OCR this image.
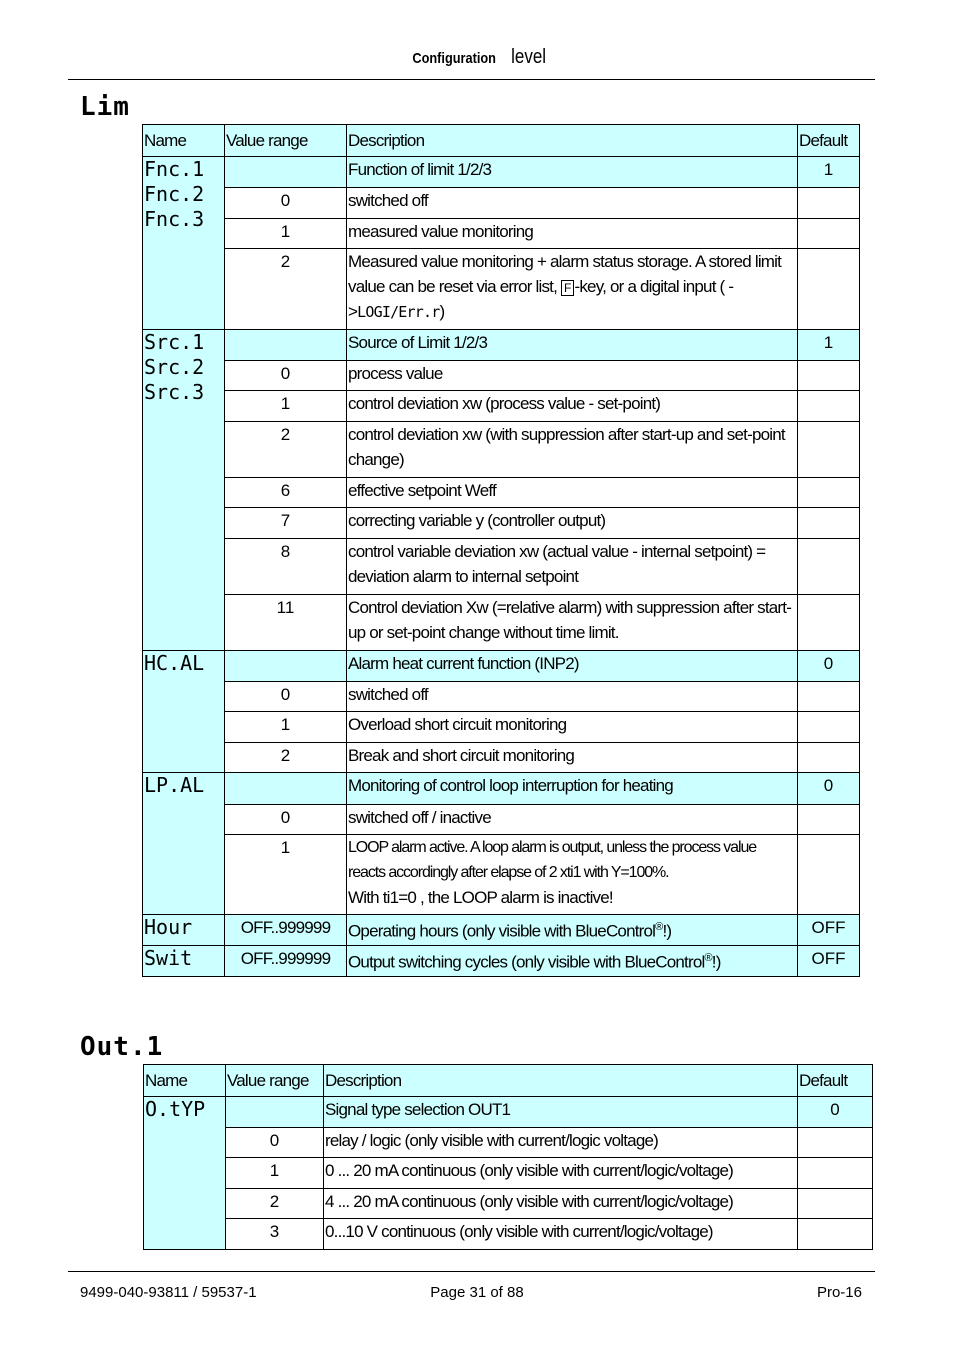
Configuration level
Lim
Name	Value range	Description	Default

Fnc.1
Fnc.2
Fnc.3		Function of limit 1/2/3	1
	0	switched off	
	1	measured value monitoring	
	2	Measured value monitoring + alarm status storage. A stored limit value can be reset via error list, F -key, or a digital input ( ->LOGI/Err.r)	

Src.1
Src.2
Src.3		Source of Limit 1/2/3	1
	0	process value	
	1	control deviation xw (process value - set-point)	
	2	control deviation xw (with suppression after start-up and set-point change)	
	6	effective setpoint Weff	
	7	correcting variable y (controller output)	
	8	control variable deviation xw (actual value - internal setpoint) = deviation alarm to internal setpoint	
	11	Control deviation Xw (=relative alarm) with suppression after start-up or set-point change without time limit.	
HC.AL		Alarm heat current function (INP2)	0
	0	switched off	
	1	Overload short circuit monitoring	
	2	Break and short circuit monitoring	
LP.AL		Monitoring of control loop interruption for heating	0
	0	switched off / inactive	
	1	LOOP alarm active. A loop alarm is output, unless the process value reacts accordingly after elapse of 2 xti1 with Y=100%.
With ti1=0 , the LOOP alarm is inactive!	
Hour	OFF..999999	Operating hours (only visible with BlueControl®!)	OFF
Swit	OFF..999999	Output switching cycles (only visible with BlueControl®!)	OFF
Out.1
Name	Value range	Description	Default
O.tYP		Signal type selection OUT1	0
	0	relay / logic (only visible with current/logic voltage)	
	1	0 ... 20 mA continuous (only visible with current/logic/voltage)	
	2	4 ... 20 mA continuous (only visible with current/logic/voltage)	
	3	0...10 V continuous (only visible with current/logic/voltage)	
9499-040-93811 / 59537-1	Page 31 of 88	Pro-16
